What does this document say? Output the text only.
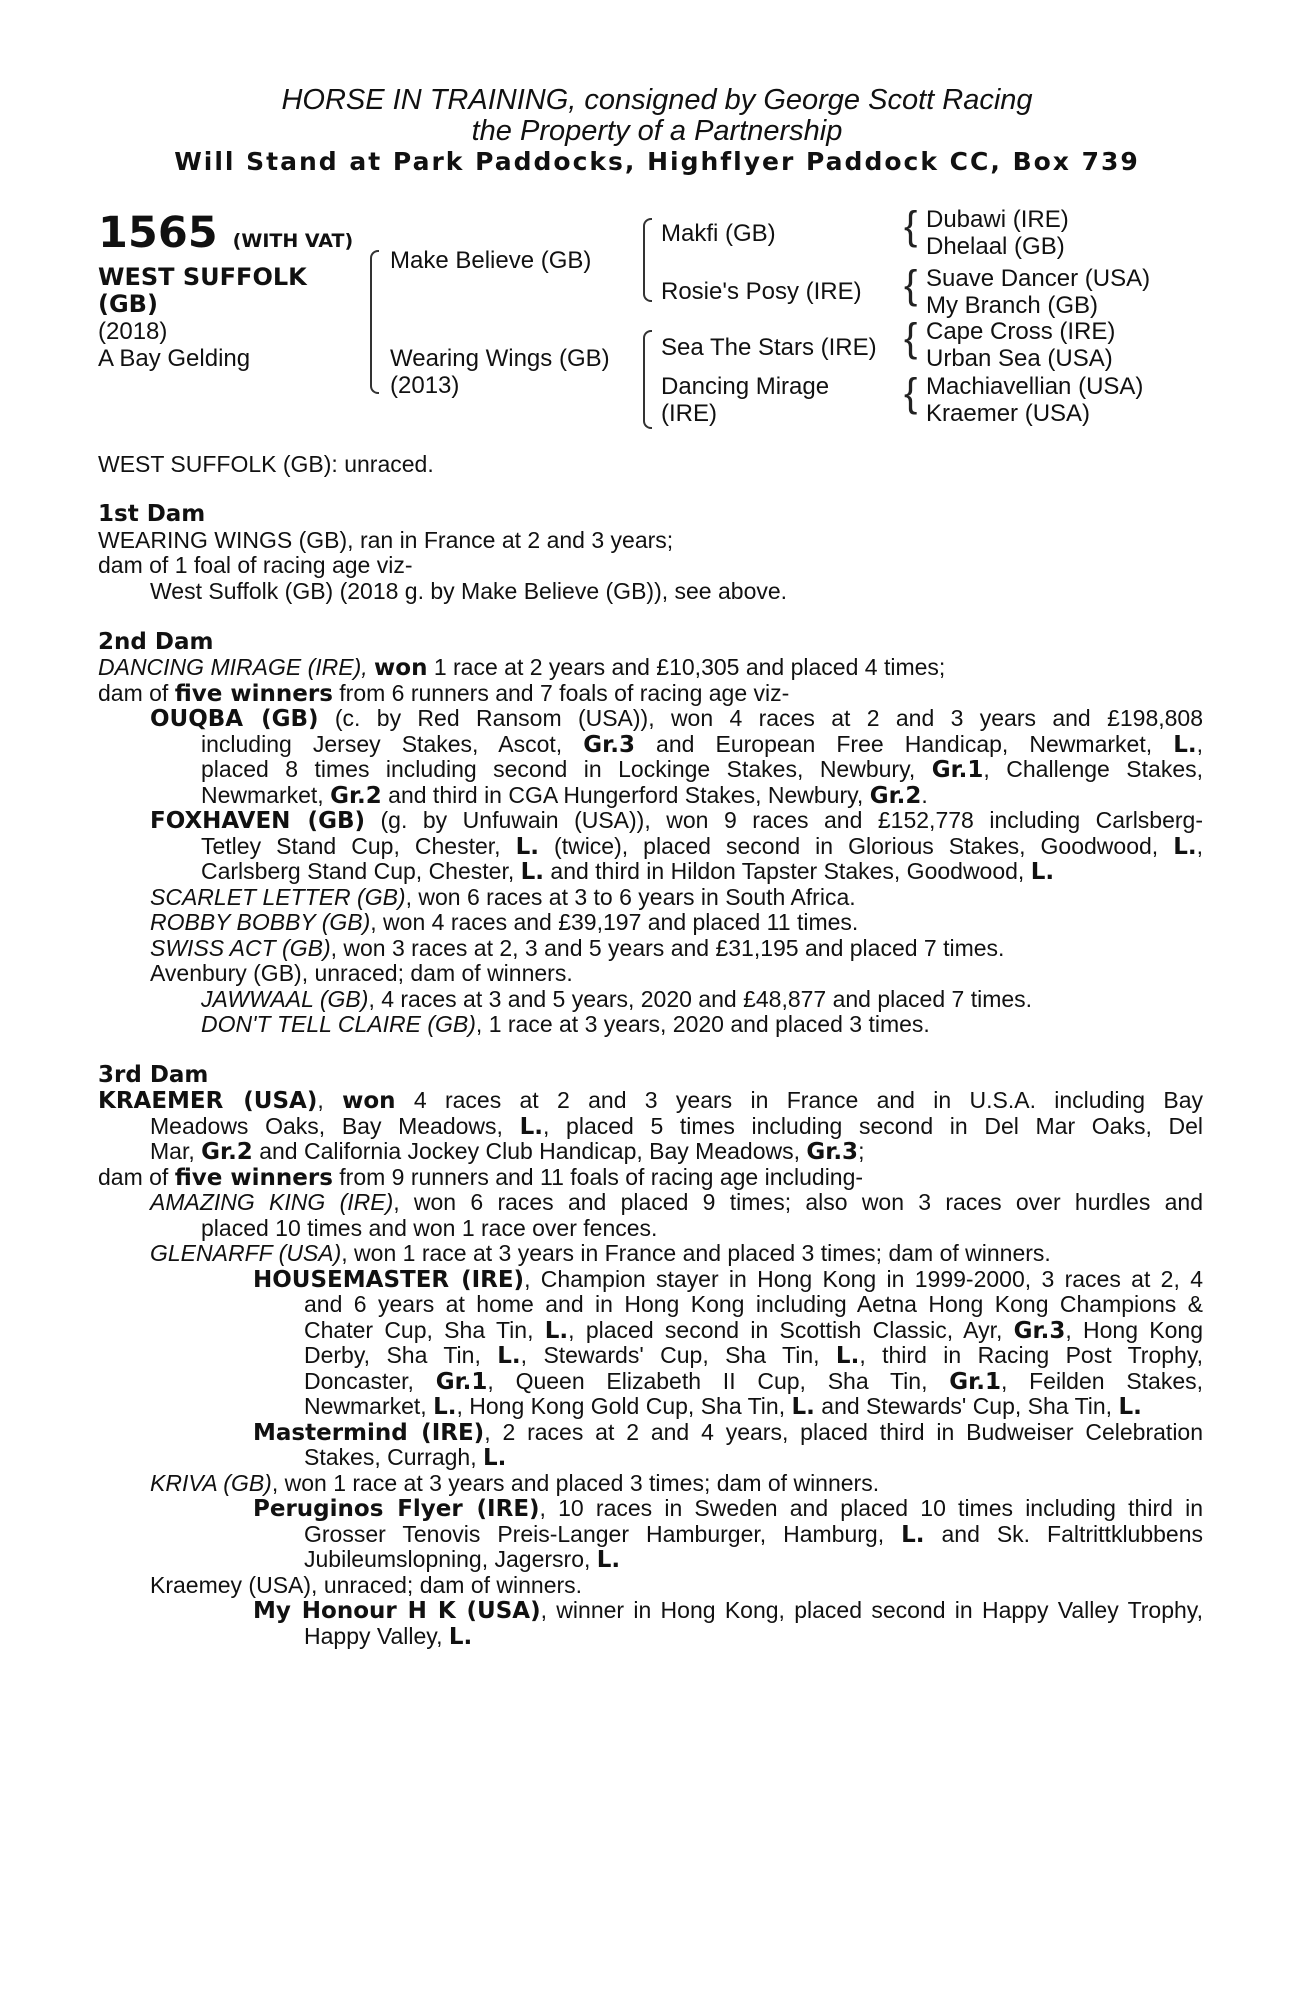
HORSE IN TRAINING, consigned by George Scott Racing
the Property of a Partnership
Will Stand at Park Paddocks, Highflyer Paddock CC, Box 739
1565 (WITH VAT)
WEST SUFFOLK
(GB)
(2018)
A Bay Gelding
Make Believe (GB)
Wearing Wings (GB)
(2013)
Makfi (GB)
Rosie's Posy (IRE)
Sea The Stars (IRE)
Dancing Mirage
(IRE)
{ Dubawi (IRE)
Dhelaal (GB)
{ Suave Dancer (USA)
My Branch (GB)
{ Cape Cross (IRE)
Urban Sea (USA)
{ Machiavellian (USA)
Kraemer (USA)
WEST SUFFOLK (GB): unraced.
1st Dam
WEARING WINGS (GB), ran in France at 2 and 3 years;
dam of 1 foal of racing age viz-
West Suffolk (GB) (2018 g. by Make Believe (GB)), see above.
2nd Dam
DANCING MIRAGE (IRE), won 1 race at 2 years and £10,305 and placed 4 times;
dam of five winners from 6 runners and 7 foals of racing age viz-
OUQBA (GB) (c. by Red Ransom (USA)), won 4 races at 2 and 3 years and £198,808
including Jersey Stakes, Ascot, Gr.3 and European Free Handicap, Newmarket, L.,
placed 8 times including second in Lockinge Stakes, Newbury, Gr.1, Challenge Stakes,
Newmarket, Gr.2 and third in CGA Hungerford Stakes, Newbury, Gr.2.
FOXHAVEN (GB) (g. by Unfuwain (USA)), won 9 races and £152,778 including Carlsberg-
Tetley Stand Cup, Chester, L. (twice), placed second in Glorious Stakes, Goodwood, L.,
Carlsberg Stand Cup, Chester, L. and third in Hildon Tapster Stakes, Goodwood, L.
SCARLET LETTER (GB), won 6 races at 3 to 6 years in South Africa.
ROBBY BOBBY (GB), won 4 races and £39,197 and placed 11 times.
SWISS ACT (GB), won 3 races at 2, 3 and 5 years and £31,195 and placed 7 times.
Avenbury (GB), unraced; dam of winners.
JAWWAAL (GB), 4 races at 3 and 5 years, 2020 and £48,877 and placed 7 times.
DON'T TELL CLAIRE (GB), 1 race at 3 years, 2020 and placed 3 times.
3rd Dam
KRAEMER (USA), won 4 races at 2 and 3 years in France and in U.S.A. including Bay
Meadows Oaks, Bay Meadows, L., placed 5 times including second in Del Mar Oaks, Del
Mar, Gr.2 and California Jockey Club Handicap, Bay Meadows, Gr.3;
dam of five winners from 9 runners and 11 foals of racing age including-
AMAZING KING (IRE), won 6 races and placed 9 times; also won 3 races over hurdles and
placed 10 times and won 1 race over fences.
GLENARFF (USA), won 1 race at 3 years in France and placed 3 times; dam of winners.
HOUSEMASTER (IRE), Champion stayer in Hong Kong in 1999-2000, 3 races at 2, 4
and 6 years at home and in Hong Kong including Aetna Hong Kong Champions &
Chater Cup, Sha Tin, L., placed second in Scottish Classic, Ayr, Gr.3, Hong Kong
Derby, Sha Tin, L., Stewards' Cup, Sha Tin, L., third in Racing Post Trophy,
Doncaster, Gr.1, Queen Elizabeth II Cup, Sha Tin, Gr.1, Feilden Stakes,
Newmarket, L., Hong Kong Gold Cup, Sha Tin, L. and Stewards' Cup, Sha Tin, L.
Mastermind (IRE), 2 races at 2 and 4 years, placed third in Budweiser Celebration
Stakes, Curragh, L.
KRIVA (GB), won 1 race at 3 years and placed 3 times; dam of winners.
Peruginos Flyer (IRE), 10 races in Sweden and placed 10 times including third in
Grosser Tenovis Preis-Langer Hamburger, Hamburg, L. and Sk. Faltrittklubbens
Jubileumslopning, Jagersro, L.
Kraemey (USA), unraced; dam of winners.
My Honour H K (USA), winner in Hong Kong, placed second in Happy Valley Trophy,
Happy Valley, L.
